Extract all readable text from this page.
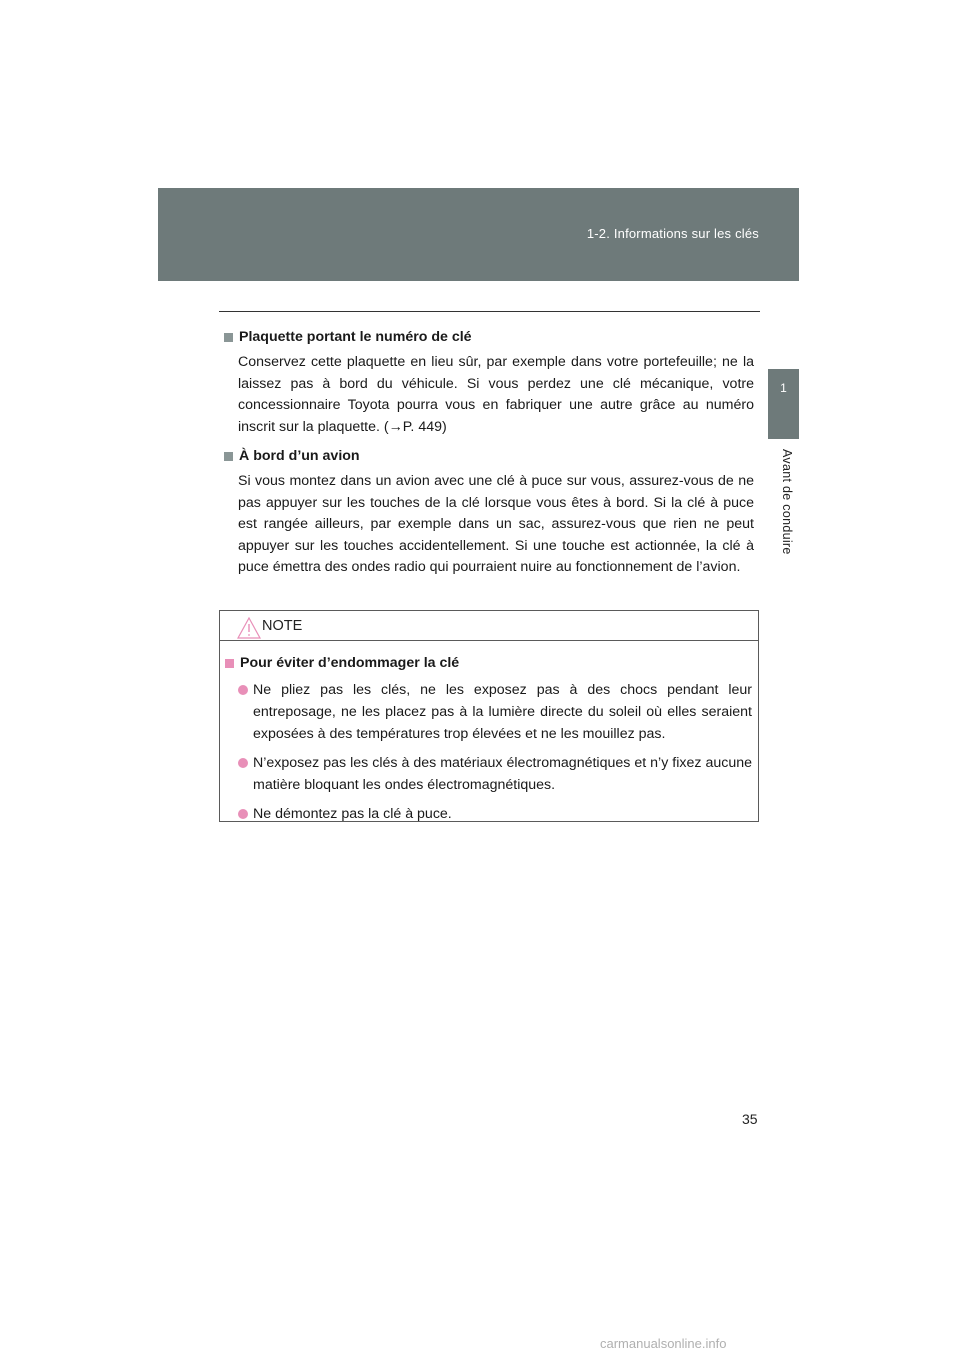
1-2. Informations sur les clés
1
Avant de conduire
Plaquette portant le numéro de clé
Conservez cette plaquette en lieu sûr, par exemple dans votre portefeuille; ne la laissez pas à bord du véhicule. Si vous perdez une clé mécanique, votre concessionnaire Toyota pourra vous en fabriquer une autre grâce au numéro inscrit sur la plaquette. (→P. 449)
À bord d’un avion
Si vous montez dans un avion avec une clé à puce sur vous, assurez-vous de ne pas appuyer sur les touches de la clé lorsque vous êtes à bord. Si la clé à puce est rangée ailleurs, par exemple dans un sac, assurez-vous que rien ne peut appuyer sur les touches accidentellement. Si une touche est actionnée, la clé à puce émettra des ondes radio qui pourraient nuire au fonctionnement de l’avion.
NOTE
Pour éviter d’endommager la clé
Ne pliez pas les clés, ne les exposez pas à des chocs pendant leur entreposage, ne les placez pas à la lumière directe du soleil où elles seraient exposées à des températures trop élevées et ne les mouillez pas.
N’exposez pas les clés à des matériaux électromagnétiques et n’y fixez aucune matière bloquant les ondes électromagnétiques.
Ne démontez pas la clé à puce.
35
carmanualsonline.info
